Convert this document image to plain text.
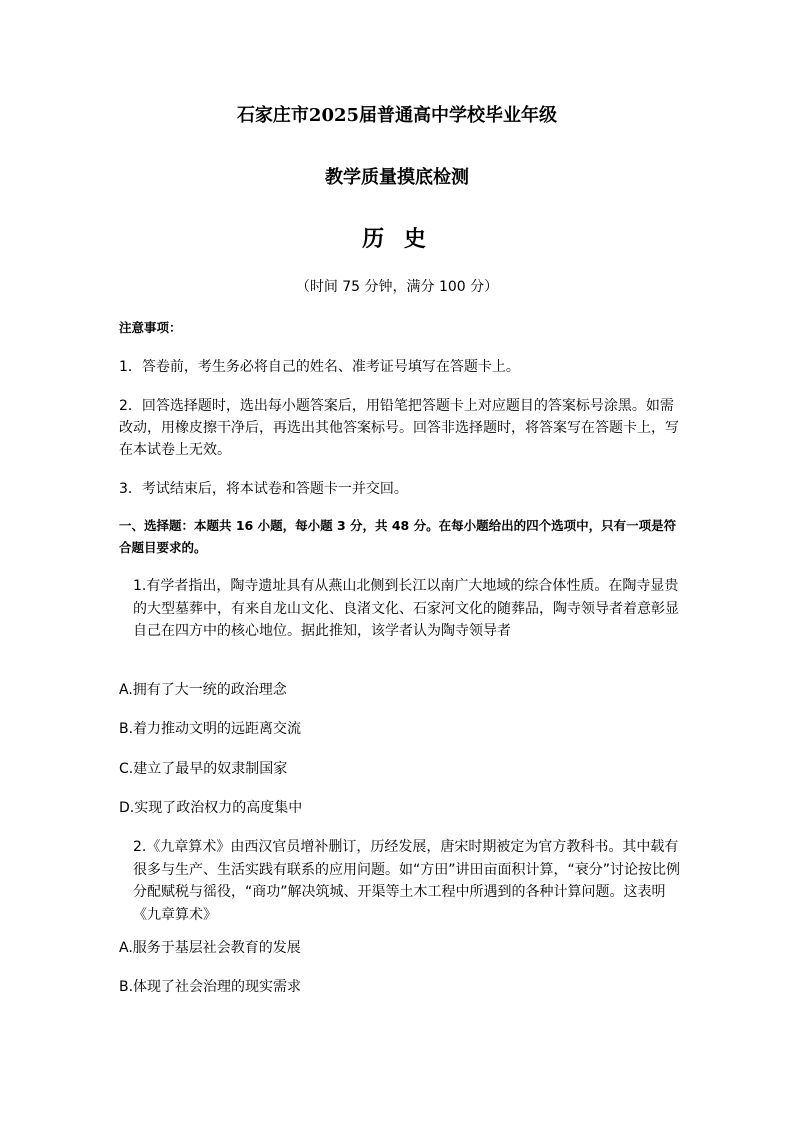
石家庄市2025届普通高中学校毕业年级

教学质量摸底检测

历 史

（时间 75 分钟，满分 100 分）

注意事项：

1．答卷前，考生务必将自己的姓名、准考证号填写在答题卡上。

2．回答选择题时，选出每小题答案后，用铅笔把答题卡上对应题目的答案标号涂黑。如需改动，用橡皮擦干净后，再选出其他答案标号。回答非选择题时，将答案写在答题卡上，写在本试卷上无效。

3．考试结束后，将本试卷和答题卡一并交回。

一、选择题：本题共 16 小题，每小题 3 分，共 48 分。在每小题给出的四个选项中，只有一项是符合题目要求的。

1.有学者指出，陶寺遗址具有从燕山北侧到长江以南广大地域的综合体性质。在陶寺显贵的大型墓葬中，有来自龙山文化、良渚文化、石家河文化的随葬品，陶寺领导者着意彰显自己在四方中的核心地位。据此推知，该学者认为陶寺领导者

A.拥有了大一统的政治理念

B.着力推动文明的远距离交流

C.建立了最早的奴隶制国家

D.实现了政治权力的高度集中

2.《九章算术》由西汉官员增补删订，历经发展，唐宋时期被定为官方教科书。其中载有很多与生产、生活实践有联系的应用问题。如“方田”讲田亩面积计算，“衰分”讨论按比例分配赋税与徭役，“商功”解决筑城、开渠等土木工程中所遇到的各种计算问题。这表明《九章算术》

A.服务于基层社会教育的发展

B.体现了社会治理的现实需求
